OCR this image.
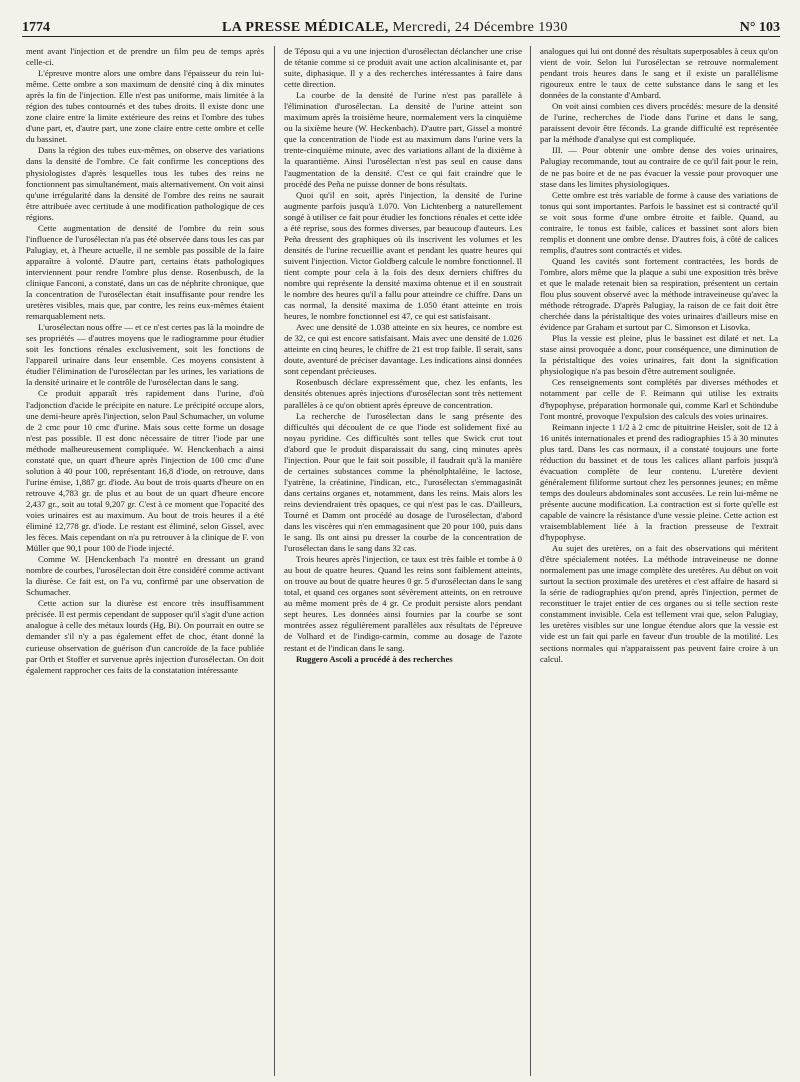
1774	LA PRESSE MÉDICALE, Mercredi, 24 Décembre 1930	N° 103

ment avant l'injection et de prendre un film peu de temps après celle-ci.

L'épreuve montre alors une ombre dans l'épaisseur du rein lui-même. Cette ombre a son maximum de densité cinq à dix minutes après la fin de l'injection. Elle n'est pas uniforme, mais limitée à la région des tubes contournés et des tubes droits. Il existe donc une zone claire entre la limite extérieure des reins et l'ombre des tubes d'une part, et, d'autre part, une zone claire entre cette ombre et celle du bassinet.

Dans la région des tubes eux-mêmes, on observe des variations dans la densité de l'ombre. Ce fait confirme les conceptions des physiologistes d'après lesquelles tous les tubes des reins ne fonctionnent pas simultanément, mais alternativement. On voit ainsi qu'une irrégularité dans la densité de l'ombre des reins ne saurait être attribuée avec certitude à une modification pathologique de ces régions.

Cette augmentation de densité de l'ombre du rein sous l'influence de l'urosélectan n'a pas été observée dans tous les cas par Palugiay, et, à l'heure actuelle, il ne semble pas possible de la faire apparaître à volonté. D'autre part, certains états pathologiques interviennent pour rendre l'ombre plus dense. Rosenbusch, de la clinique Fanconi, a constaté, dans un cas de néphrite chronique, que la concentration de l'urosélectan était insuffisante pour rendre les uretères visibles, mais que, par contre, les reins eux-mêmes étaient remarquablement nets.

L'urosélectan nous offre — et ce n'est certes pas là la moindre de ses propriétés — d'autres moyens que le radiogramme pour étudier soit les fonctions rénales exclusivement, soit les fonctions de l'appareil urinaire dans leur ensemble. Ces moyens consistent à étudier l'élimination de l'urosélectan par les urines, les variations de la densité urinaire et le contrôle de l'urosélectan dans le sang.

Ce produit apparaît très rapidement dans l'urine, d'où l'adjonction d'acide le précipite en nature. Le précipité occupe alors, une demi-heure après l'injection, selon Paul Schumacher, un volume de 2 cmc pour 10 cmc d'urine. Mais sous cette forme un dosage n'est pas possible. Il est donc nécessaire de titrer l'iode par une méthode malheureusement compliquée. W. Henckenbach a ainsi constaté que, un quart d'heure après l'injection de 100 cmc d'une solution à 40 pour 100, représentant 16,8 d'iode, on retrouve, dans l'urine émise, 1,887 gr. d'iode. Au bout de trois quarts d'heure on en retrouve 4,783 gr. de plus et au bout de un quart d'heure encore 2,437 gr., soit au total 9,207 gr. C'est à ce moment que l'opacité des voies urinaires est au maximum. Au bout de trois heures il a été éliminé 12,778 gr. d'iode. Le restant est éliminé, selon Gissel, avec les fèces. Mais cependant on n'a pu retrouver à la clinique de F. von Müller que 90,1 pour 100 de l'iode injecté.

Comme W. [Henckenbach l'a montré en dressant un grand nombre de courbes, l'urosélectan doit être considéré comme activant la diurèse. Ce fait est, on l'a vu, confirmé par une observation de Schumacher.

Cette action sur la diurèse est encore très insuffisamment précisée. Il est permis cependant de supposer qu'il s'agit d'une action analogue à celle des métaux lourds (Hg, Bi). On pourrait en outre se demander s'il n'y a pas également effet de choc, étant donné la curieuse observation de guérison d'un cancroïde de la face publiée par Orth et Stoffer et survenue après injection d'urosélectan. On doit également rapprocher ces faits de la constatation intéressante

de Téposu qui a vu une injection d'urosélectan déclancher une crise de tétanie comme si ce produit avait une action alcalinisante et, par suite, diphasique. Il y a des recherches intéressantes à faire dans cette direction.

La courbe de la densité de l'urine n'est pas parallèle à l'élimination d'urosélectan. La densité de l'urine atteint son maximum après la troisième heure, normalement vers la cinquième ou la sixième heure (W. Heckenbach). D'autre part, Gissel a montré que la concentration de l'iode est au maximum dans l'urine vers la trente-cinquième minute, avec des variations allant de la dixième à la quarantième. Ainsi l'urosélectan n'est pas seul en cause dans l'augmentation de la densité. C'est ce qui fait craindre que le procédé des Peña ne puisse donner de bons résultats.

Quoi qu'il en soit, après l'injection, la densité de l'urine augmente parfois jusqu'à 1.070. Von Lichtenberg a naturellement songé à utiliser ce fait pour étudier les fonctions rénales et cette idée a été reprise, sous des formes diverses, par beaucoup d'auteurs. Les Peña dressent des graphiques où ils inscrivent les volumes et les densités de l'urine recueillie avant et pendant les quatre heures qui suivent l'injection. Victor Goldberg calcule le nombre fonctionnel. Il tient compte pour cela à la fois des deux derniers chiffres du nombre qui représente la densité maxima obtenue et il en soustrait le nombre des heures qu'il a fallu pour atteindre ce chiffre. Dans un cas normal, la densité maxima de 1.050 étant atteinte en trois heures, le nombre fonctionnel est 47, ce qui est satisfaisant.

Avec une densité de 1.038 atteinte en six heures, ce nombre est de 32, ce qui est encore satisfaisant. Mais avec une densité de 1.026 atteinte en cinq heures, le chiffre de 21 est trop faible. Il serait, sans doute, aventuré de préciser davantage. Les indications ainsi données sont cependant précieuses.

Rosenbusch déclare expressément que, chez les enfants, les densités obtenues après injections d'urosélectan sont très nettement parallèles à ce qu'on obtient après épreuve de concentration.

La recherche de l'urosélectan dans le sang présente des difficultés qui découlent de ce que l'iode est solidement fixé au noyau pyridine. Ces difficultés sont telles que Swick crut tout d'abord que le produit disparaissait du sang, cinq minutes après l'injection. Pour que le fait soit possible, il faudrait qu'à la manière de certaines substances comme la phénolphtaléine, le lactose, l'yatrène, la créatinine, l'indican, etc., l'urosélectan s'emmagasinât dans certains organes et, notamment, dans les reins. Mais alors les reins deviendraient très opaques, ce qui n'est pas le cas. D'ailleurs, Tourné et Damm ont procédé au dosage de l'urosélectan, d'abord dans les viscères qui n'en emmagasinent que 20 pour 100, puis dans le sang. Ils ont ainsi pu dresser la courbe de la concentration de l'urosélectan dans le sang dans 32 cas.

Trois heures après l'injection, ce taux est très faible et tombe à 0 au bout de quatre heures. Quand les reins sont faiblement atteints, on trouve au bout de quatre heures 0 gr. 5 d'urosélectan dans le sang total, et quand ces organes sont sévèrement atteints, on en retrouve au même moment près de 4 gr. Ce produit persiste alors pendant sept heures. Les données ainsi fournies par la courbe se sont montrées assez régulièrement parallèles aux résultats de l'épreuve de Volhard et de l'indigo-carmin, comme au dosage de l'azote restant et de l'indican dans le sang.

Ruggero Ascoli a procédé à des recherches

analogues qui lui ont donné des résultats superposables à ceux qu'on vient de voir. Selon lui l'urosélectan se retrouve normalement pendant trois heures dans le sang et il existe un parallélisme rigoureux entre le taux de cette substance dans le sang et les données de la constante d'Ambard.

On voit ainsi combien ces divers procédés: mesure de la densité de l'urine, recherches de l'iode dans l'urine et dans le sang, paraissent devoir être féconds. La grande difficulté est représentée par la méthode d'analyse qui est compliquée.

III. — Pour obtenir une ombre dense des voies urinaires, Palugiay recommande, tout au contraire de ce qu'il fait pour le rein, de ne pas boire et de ne pas évacuer la vessie pour provoquer une stase dans les limites physiologiques.

Cette ombre est très variable de forme à cause des variations de tonus qui sont importantes. Parfois le bassinet est si contracté qu'il se voit sous forme d'une ombre étroite et faible. Quand, au contraire, le tonus est faible, calices et bassinet sont alors bien remplis et donnent une ombre dense. D'autres fois, à côté de calices remplis, d'autres sont contractés et vides.

Quand les cavités sont fortement contractées, les bords de l'ombre, alors même que la plaque a subi une exposition très brève et que le malade retenait bien sa respiration, présentent un certain flou plus souvent observé avec la méthode intraveineuse qu'avec la méthode rétrograde. D'après Palugiay, la raison de ce fait doit être cherchée dans la péristaltique des voies urinaires d'ailleurs mise en évidence par Graham et surtout par C. Simonson et Lisovka.

Plus la vessie est pleine, plus le bassinet est dilaté et net. La stase ainsi provoquée a donc, pour conséquence, une diminution de la péristaltique des voies urinaires, fait dont la signification physiologique n'a pas besoin d'être autrement soulignée.

Ces renseignements sont complétés par diverses méthodes et notamment par celle de F. Reimann qui utilise les extraits d'hypophyse, préparation hormonale qui, comme Karl et Schöndube l'ont montré, provoque l'expulsion des calculs des voies urinaires.

Reimann injecte 1 1/2 à 2 cmc de pituitrine Heisler, soit de 12 à 16 unités internationales et prend des radiographies 15 à 30 minutes plus tard. Dans les cas normaux, il a constaté toujours une forte réduction du bassinet et de tous les calices allant parfois jusqu'à évacuation complète de leur contenu. L'uretère devient généralement filiforme surtout chez les personnes jeunes; en même temps des douleurs abdominales sont accusées. Le rein lui-même ne présente aucune modification. La contraction est si forte qu'elle est capable de vaincre la résistance d'une vessie pleine. Cette action est vraisemblablement liée à la fraction presseuse de l'extrait d'hypophyse.

Au sujet des uretères, on a fait des observations qui méritent d'être spécialement notées. La méthode intraveineuse ne donne normalement pas une image complète des uretères. Au début on voit surtout la section proximale des uretères et c'est affaire de hasard si la série de radiographies qu'on prend, après l'injection, permet de reconstituer le trajet entier de ces organes ou si telle section reste constamment invisible. Cela est tellement vrai que, selon Palugiay, les uretères visibles sur une longue étendue alors que la vessie est vide est un fait qui parle en faveur d'un trouble de la motilité. Les sections normales qui n'apparaissent pas peuvent faire croire à un calcul.
